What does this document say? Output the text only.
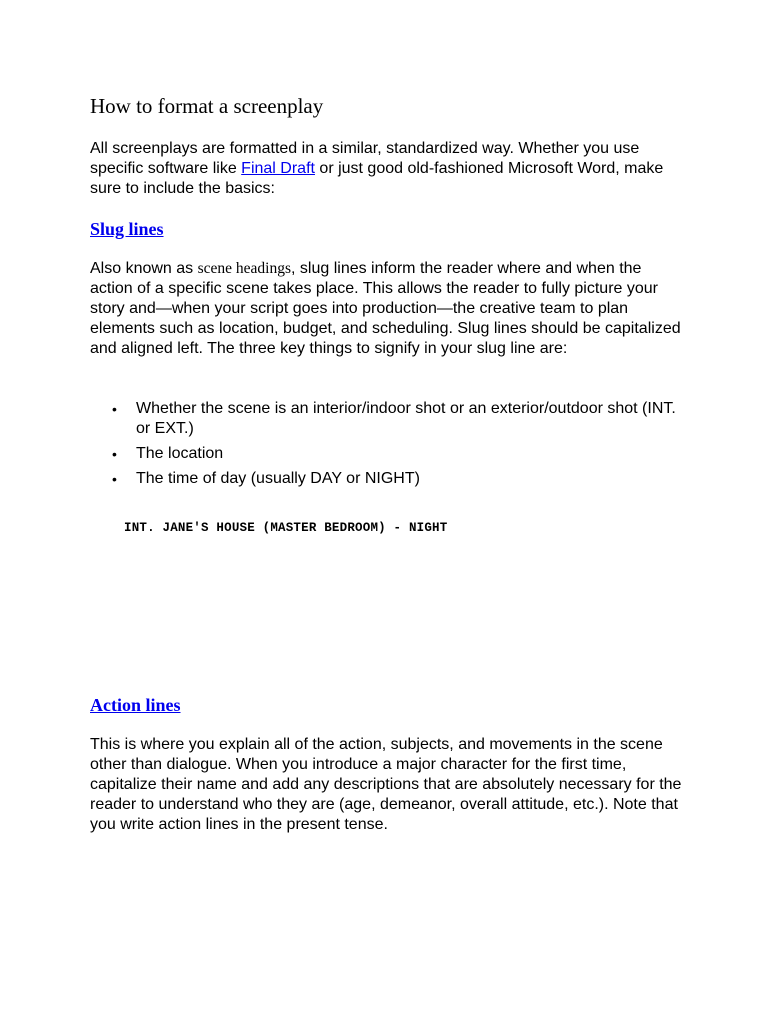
How to format a screenplay

All screenplays are formatted in a similar, standardized way. Whether you use specific software like Final Draft or just good old-fashioned Microsoft Word, make sure to include the basics:

Slug lines

Also known as scene headings, slug lines inform the reader where and when the action of a specific scene takes place. This allows the reader to fully picture your story and—when your script goes into production—the creative team to plan elements such as location, budget, and scheduling. Slug lines should be capitalized and aligned left. The three key things to signify in your slug line are:

• Whether the scene is an interior/indoor shot or an exterior/outdoor shot (INT. or EXT.)
• The location
• The time of day (usually DAY or NIGHT)
INT. JANE'S HOUSE (MASTER BEDROOM) - NIGHT
Action lines

This is where you explain all of the action, subjects, and movements in the scene other than dialogue. When you introduce a major character for the first time, capitalize their name and add any descriptions that are absolutely necessary for the reader to understand who they are (age, demeanor, overall attitude, etc.). Note that you write action lines in the present tense.
